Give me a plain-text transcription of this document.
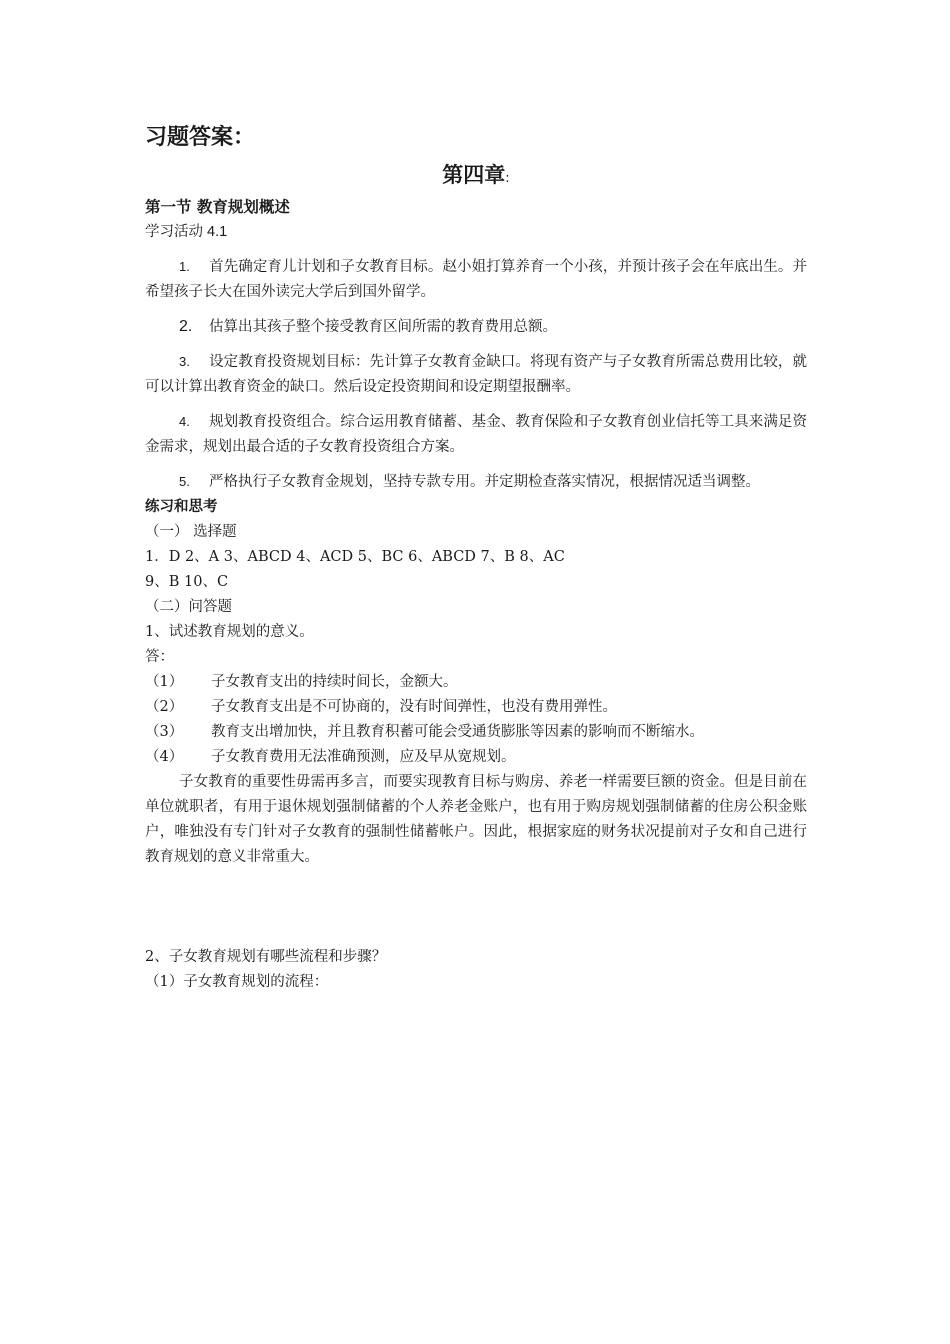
习题答案：
第四章:
第一节 教育规划概述

学习活动 4.1

1. 首先确定育儿计划和子女教育目标。赵小姐打算养育一个小孩，并预计孩子会在年底出生。并希望孩子长大在国外读完大学后到国外留学。

2. 估算出其孩子整个接受教育区间所需的教育费用总额。

3. 设定教育投资规划目标：先计算子女教育金缺口。将现有资产与子女教育所需总费用比较，就可以计算出教育资金的缺口。然后设定投资期间和设定期望报酬率。

4. 规划教育投资组合。综合运用教育储蓄、基金、教育保险和子女教育创业信托等工具来满足资金需求，规划出最合适的子女教育投资组合方案。

5. 严格执行子女教育金规划，坚持专款专用。并定期检查落实情况，根据情况适当调整。

练习和思考

（一） 选择题

1．D 2、A 3、ABCD 4、ACD 5、BC 6、ABCD 7、B 8、AC

9、B 10、C

（二）问答题

1、试述教育规划的意义。

答：

（1）	子女教育支出的持续时间长，金额大。
（2）	子女教育支出是不可协商的，没有时间弹性，也没有费用弹性。
（3）	教育支出增加快，并且教育积蓄可能会受通货膨胀等因素的影响而不断缩水。
（4）	子女教育费用无法准确预测，应及早从宽规划。

子女教育的重要性毋需再多言，而要实现教育目标与购房、养老一样需要巨额的资金。但是目前在单位就职者，有用于退休规划强制储蓄的个人养老金账户，也有用于购房规划强制储蓄的住房公积金账户，唯独没有专门针对子女教育的强制性储蓄帐户。因此，根据家庭的财务状况提前对子女和自己进行教育规划的意义非常重大。

2、子女教育规划有哪些流程和步骤？

（1）子女教育规划的流程：
